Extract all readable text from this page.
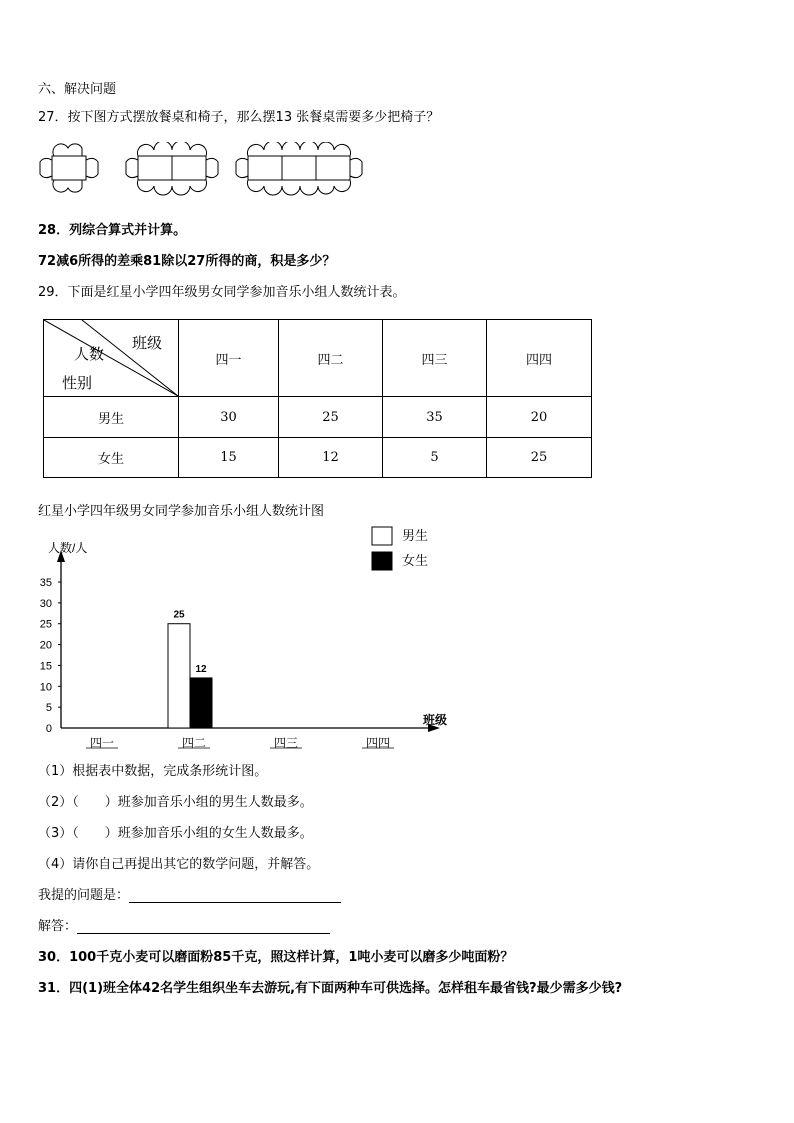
六、解决问题
27．按下图方式摆放餐桌和椅子，那么摆13 张餐桌需要多少把椅子？
28．列综合算式并计算。
72减6所得的差乘81除以27所得的商，积是多少？
29．下面是红星小学四年级男女同学参加音乐小组人数统计表。
班级
人数
性别	四一	四二	四三	四四
男生	30	25	35	20
女生	15	12	5	25
红星小学四年级男女同学参加音乐小组人数统计图
人数/人
班级
男生
女生
0
5
10
15
20
25
30
35
四一	四二	四三	四四
25
12
（1）根据表中数据，完成条形统计图。
（2）（　　）班参加音乐小组的男生人数最多。
（3）（　　）班参加音乐小组的女生人数最多。
（4）请你自己再提出其它的数学问题，并解答。
我提的问题是：
解答：
30．100千克小麦可以磨面粉85千克，照这样计算，1吨小麦可以磨多少吨面粉？
31．四(1)班全体42名学生组织坐车去游玩,有下面两种车可供选择。怎样租车最省钱?最少需多少钱?
